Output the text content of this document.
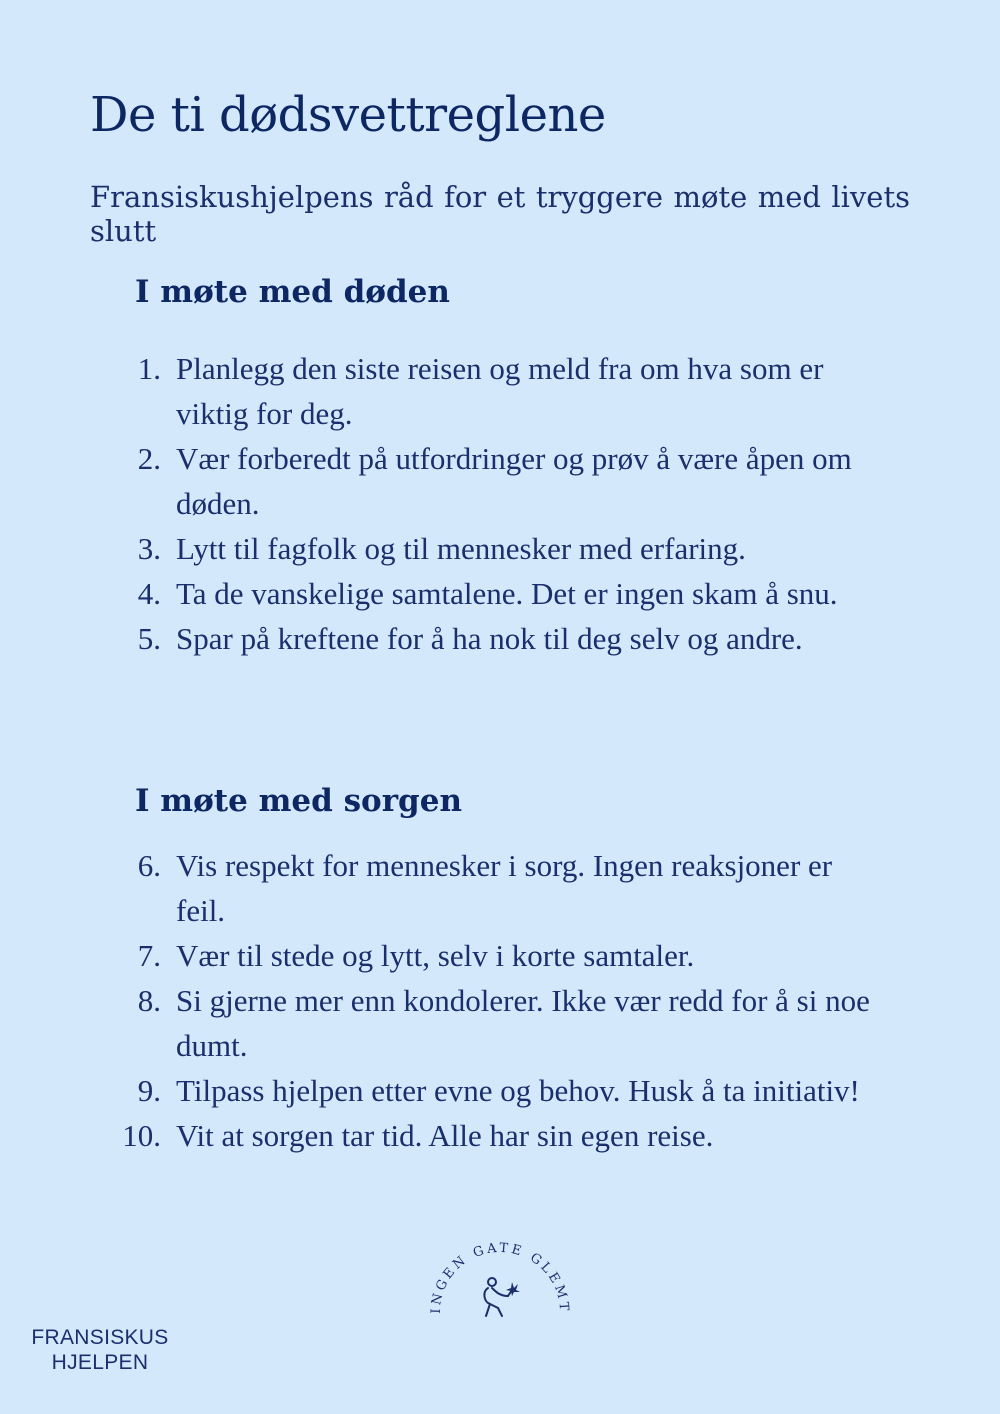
De ti dødsvettreglene

Fransiskushjelpens råd for et tryggere møte med livets slutt

I møte med døden
1. Planlegg den siste reisen og meld fra om hva som er viktig for deg.
2. Vær forberedt på utfordringer og prøv å være åpen om døden.
3. Lytt til fagfolk og til mennesker med erfaring.
4. Ta de vanskelige samtalene. Det er ingen skam å snu.
5. Spar på kreftene for å ha nok til deg selv og andre.
I møte med sorgen
6. Vis respekt for mennesker i sorg. Ingen reaksjoner er feil.
7. Vær til stede og lytt, selv i korte samtaler.
8. Si gjerne mer enn kondolerer. Ikke vær redd for å si noe dumt.
9. Tilpass hjelpen etter evne og behov. Husk å ta initiativ!
10. Vit at sorgen tar tid. Alle har sin egen reise.
INGEN GATE GLEMT
FRANSISKUS
HJELPEN
